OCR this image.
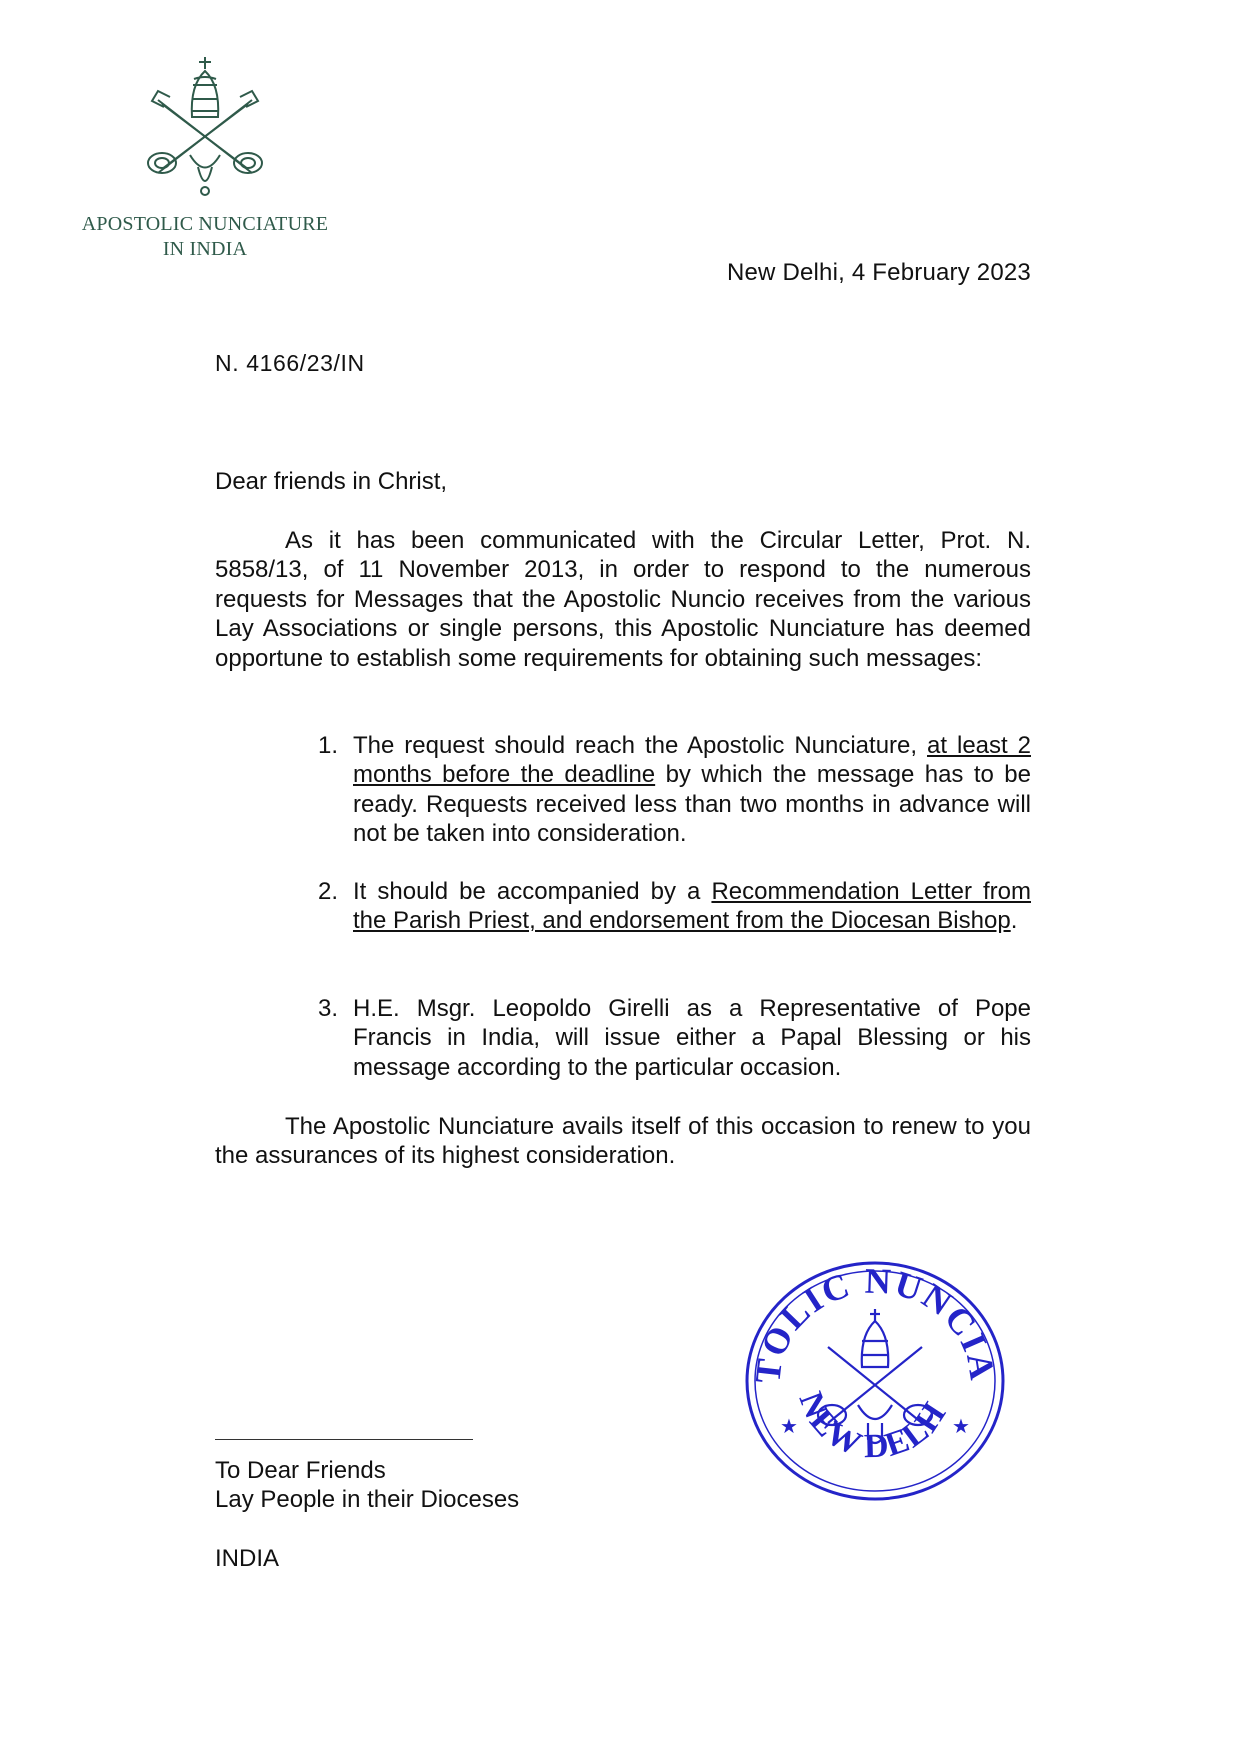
APOSTOLIC NUNCIATURE
IN INDIA
New Delhi, 4 February 2023
N. 4166/23/IN
Dear friends in Christ,

As it has been communicated with the Circular Letter, Prot. N. 5858/13, of 11 November 2013, in order to respond to the numerous requests for Messages that the Apostolic Nuncio receives from the various Lay Associations or single persons, this Apostolic Nunciature has deemed opportune to establish some requirements for obtaining such messages:

1. The request should reach the Apostolic Nunciature, at least 2 months before the deadline by which the message has to be ready. Requests received less than two months in advance will not be taken into consideration.
2. It should be accompanied by a Recommendation Letter from the Parish Priest, and endorsement from the Diocesan Bishop.
3. H.E. Msgr. Leopoldo Girelli as a Representative of Pope Francis in India, will issue either a Papal Blessing or his message according to the particular occasion.

The Apostolic Nunciature avails itself of this occasion to renew to you the assurances of its highest consideration.

TOLIC NUNCIA
NEW DELH
★	★
To Dear Friends
Lay People in their Dioceses
INDIA
